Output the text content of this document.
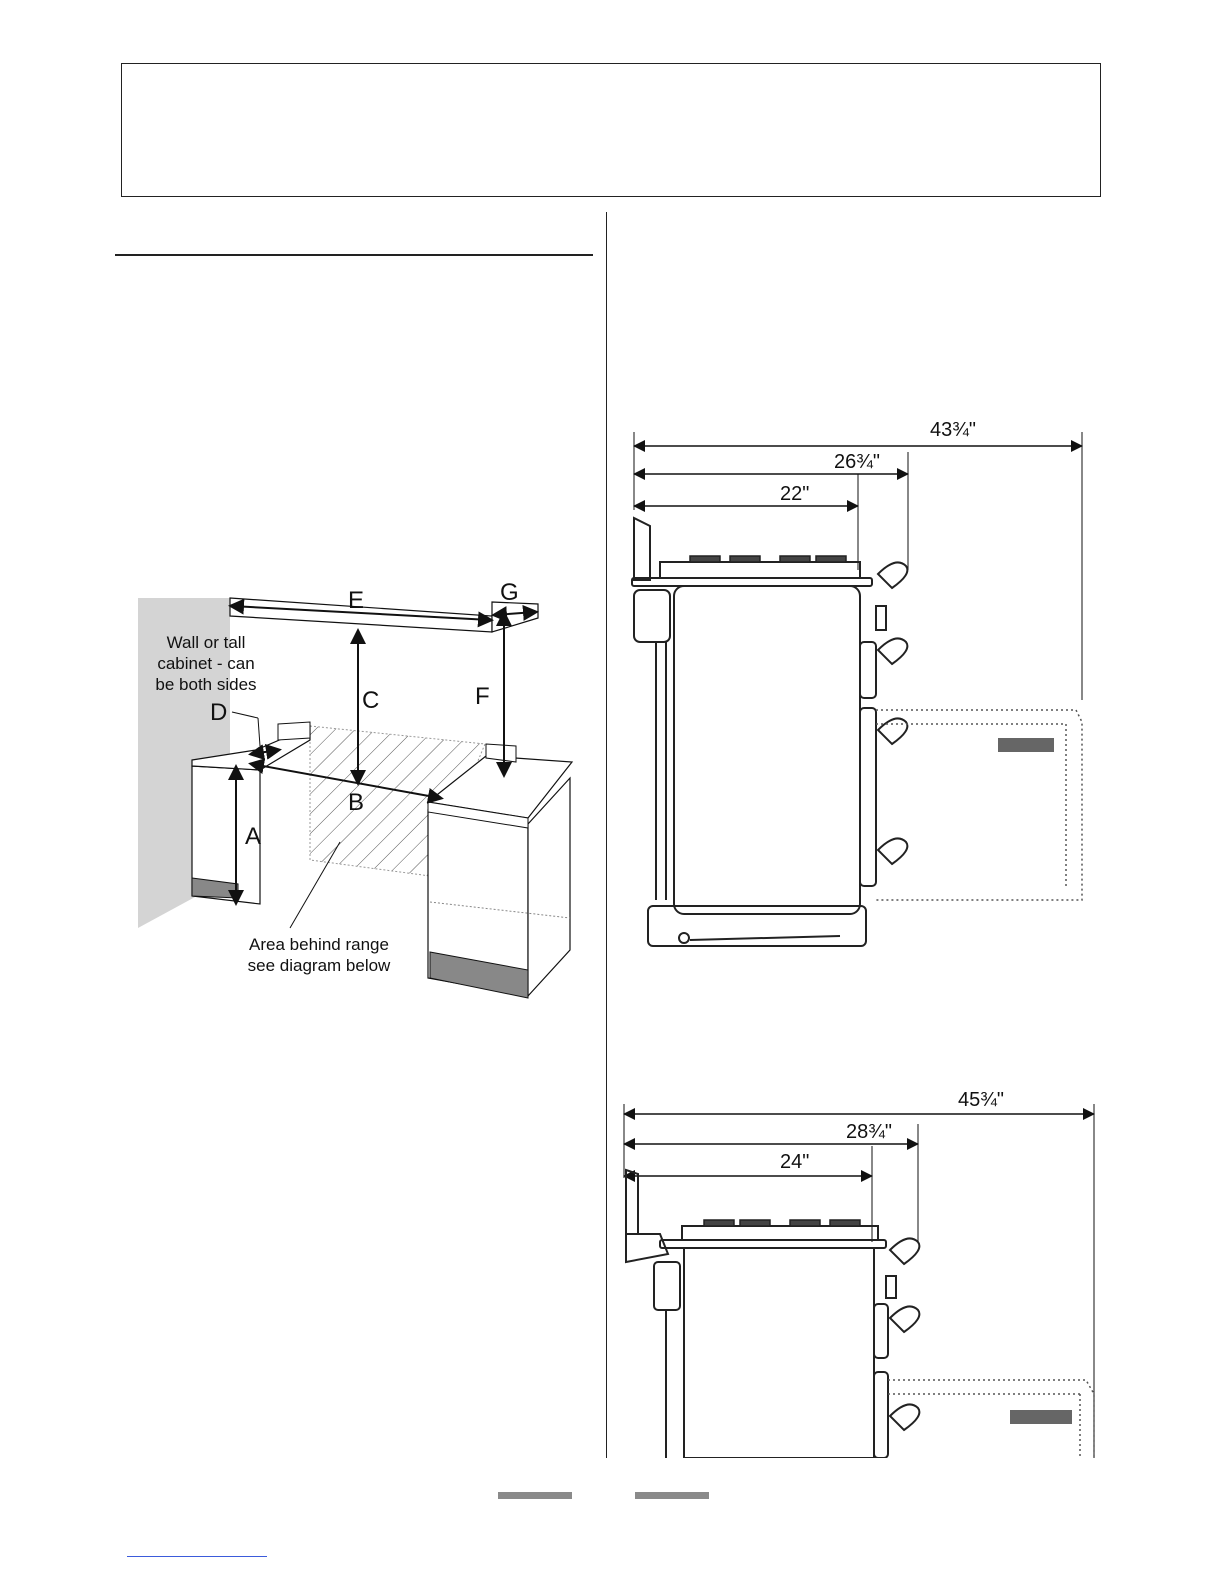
E	G
C	F
D
B
A
Wall or tall
cabinet - can
be both sides
Area behind range
see diagram below
43¾"
26¾"
22"
45¾"
28¾"
24"
